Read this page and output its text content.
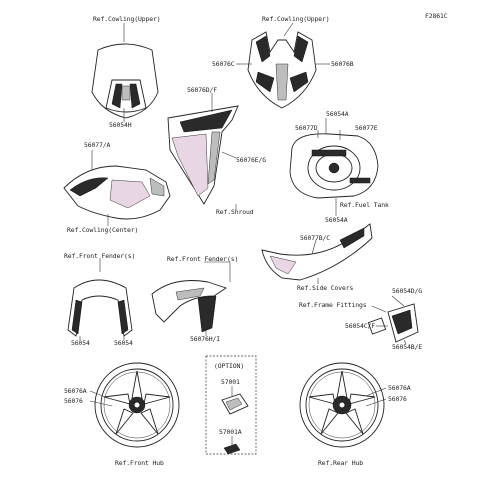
F2861C
Ref.Cowling(Upper)
56054H
Ref.Cowling(Upper)
56076C	56076B
56076D/F
56076E/G
Ref.Shroud
56054A
56077D	56077E
Ref.Fuel Tank
56054A
56077/A
Ref.Cowling(Center)
56077B/C
Ref.Side Covers
Ref.Front Fender(s)	Ref.Front Fender(s)
56054	56054	56076H/I
56054D/G
Ref.Frame Fittings
56054C/F
56054B/E
(OPTION)
57001
57001A
56076A
56076
56076A
56076
Ref.Front Hub	Ref.Rear Hub
